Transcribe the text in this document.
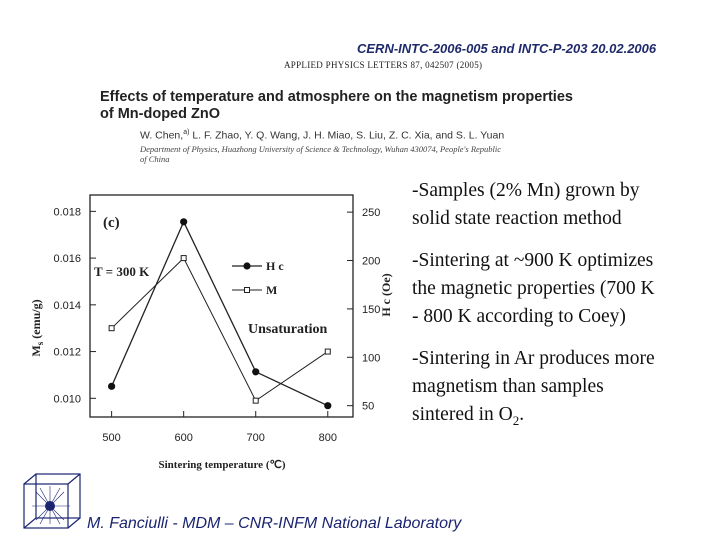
CERN-INTC-2006-005 and INTC-P-203 20.02.2006
APPLIED PHYSICS LETTERS 87, 042507 (2005)
Effects of temperature and atmosphere on the magnetism properties
of Mn-doped ZnO
W. Chen,$^{a)}$ L. F. Zhao, Y. Q. Wang, J. H. Miao, S. Liu, Z. C. Xia, and S. L. Yuan
Department of Physics, Huazhong University of Science & Technology, Wuhan 430074, People's Republic
of China
0.010
0.012
0.014
0.016
0.018
50
100
150
200
250
500	600	700	800
(c)
T = 300 K
Unsaturation
H c
M
$M_s$ (emu/g)
H c (Oe)
Sintering temperature (℃)

-Samples (2% Mn) grown by
solid state reaction method

-Sintering at ~900 K optimizes
the magnetic properties (700 K
- 800 K according to Coey)

-Sintering in Ar produces more
magnetism than samples
sintered in $O_2$.

M. Fanciulli - MDM – CNR-INFM National Laboratory
